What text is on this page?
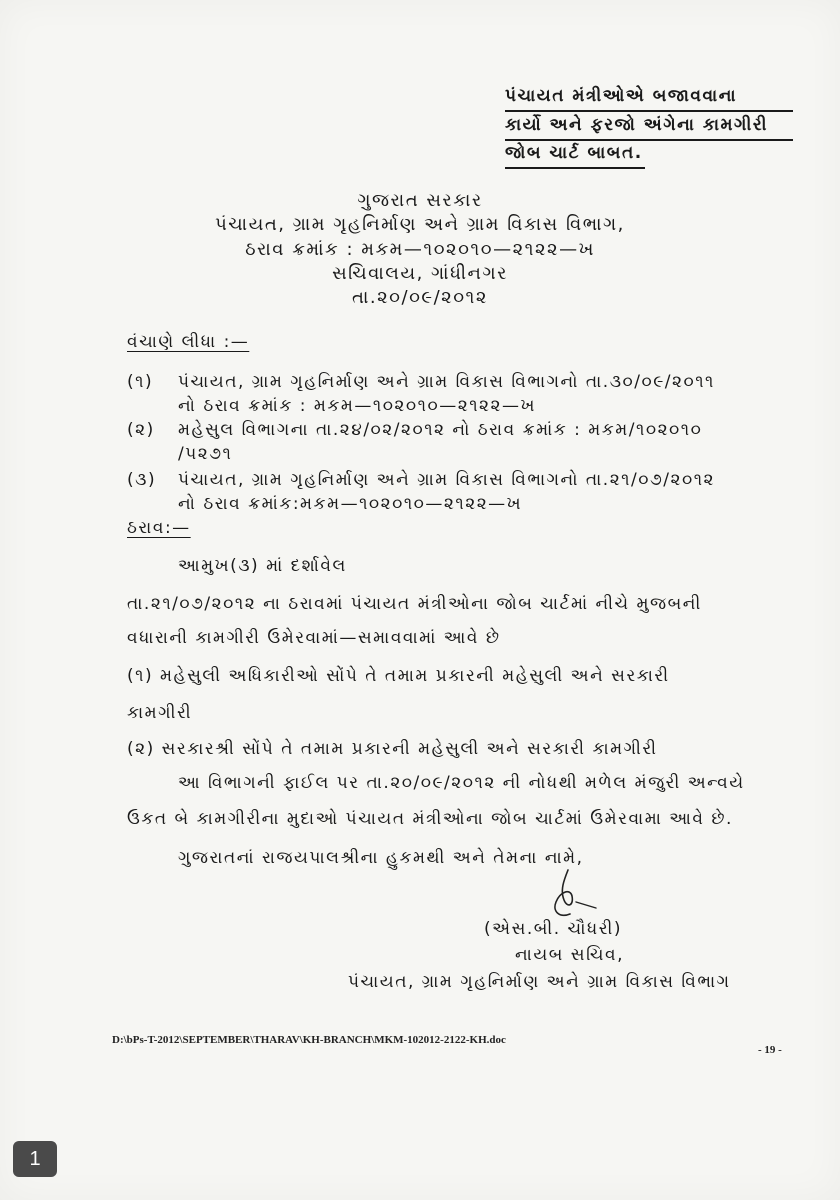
પંચાયત મંત્રીઓએ બજાવવાના
કાર્યો અને ફરજો અંગેના કામગીરી
જોબ ચાર્ટ બાબત.
ગુજરાત સરકાર
પંચાયત, ગ્રામ ગૃહનિર્માણ અને ગ્રામ વિકાસ વિભાગ,
ઠરાવ ક્રમાંક : મકમ—૧૦૨૦૧૦—૨૧૨૨—ખ
સચિવાલય, ગાંધીનગર
તા.૨૦/૦૯/૨૦૧૨
વંચાણે લીધા :—
(૧) પંચાયત, ગ્રામ ગૃહનિર્માણ અને ગ્રામ વિકાસ વિભાગનો તા.૩૦/૦૯/૨૦૧૧
નો ઠરાવ ક્રમાંક : મકમ—૧૦૨૦૧૦—૨૧૨૨—ખ
(૨) મહેસુલ વિભાગના તા.૨૪/૦૨/૨૦૧૨ નો ઠરાવ ક્રમાંક : મકમ/૧૦૨૦૧૦
/પ૨૭૧
(૩) પંચાયત, ગ્રામ ગૃહનિર્માણ અને ગ્રામ વિકાસ વિભાગનો તા.૨૧/૦૭/૨૦૧૨
નો ઠરાવ ક્રમાંક:મકમ—૧૦૨૦૧૦—૨૧૨૨—ખ
ઠરાવ:—
આમુખ(૩) માં દર્શાવેલ
તા.૨૧/૦૭/૨૦૧૨ ના ઠરાવમાં પંચાયત મંત્રીઓના જોબ ચાર્ટમાં નીચે મુજબની
વધારાની કામગીરી ઉમેરવામાં—સમાવવામાં આવે છે
(૧) મહેસુલી અધિકારીઓ સોંપે તે તમામ પ્રકારની મહેસુલી અને સરકારી
કામગીરી
(૨) સરકારશ્રી સોંપે તે તમામ પ્રકારની મહેસુલી અને સરકારી કામગીરી
આ વિભાગની ફાઈલ પર તા.૨૦/૦૯/૨૦૧૨ ની નોધથી મળેલ મંજુરી અન્વયે
ઉકત બે કામગીરીના મુદાઓ પંચાયત મંત્રીઓના જોબ ચાર્ટમાં ઉમેરવામા આવે છે.
ગુજરાતનાં રાજયપાલશ્રીના હુકમથી અને તેમના નામે,
(એસ.બી. ચૌધરી)
નાયબ સચિવ,
પંચાયત, ગ્રામ ગૃહનિર્માણ અને ગ્રામ વિકાસ વિભાગ
D:\bPs-T-2012\SEPTEMBER\THARAV\KH-BRANCH\MKM-102012-2122-KH.doc
- 19 -
1
